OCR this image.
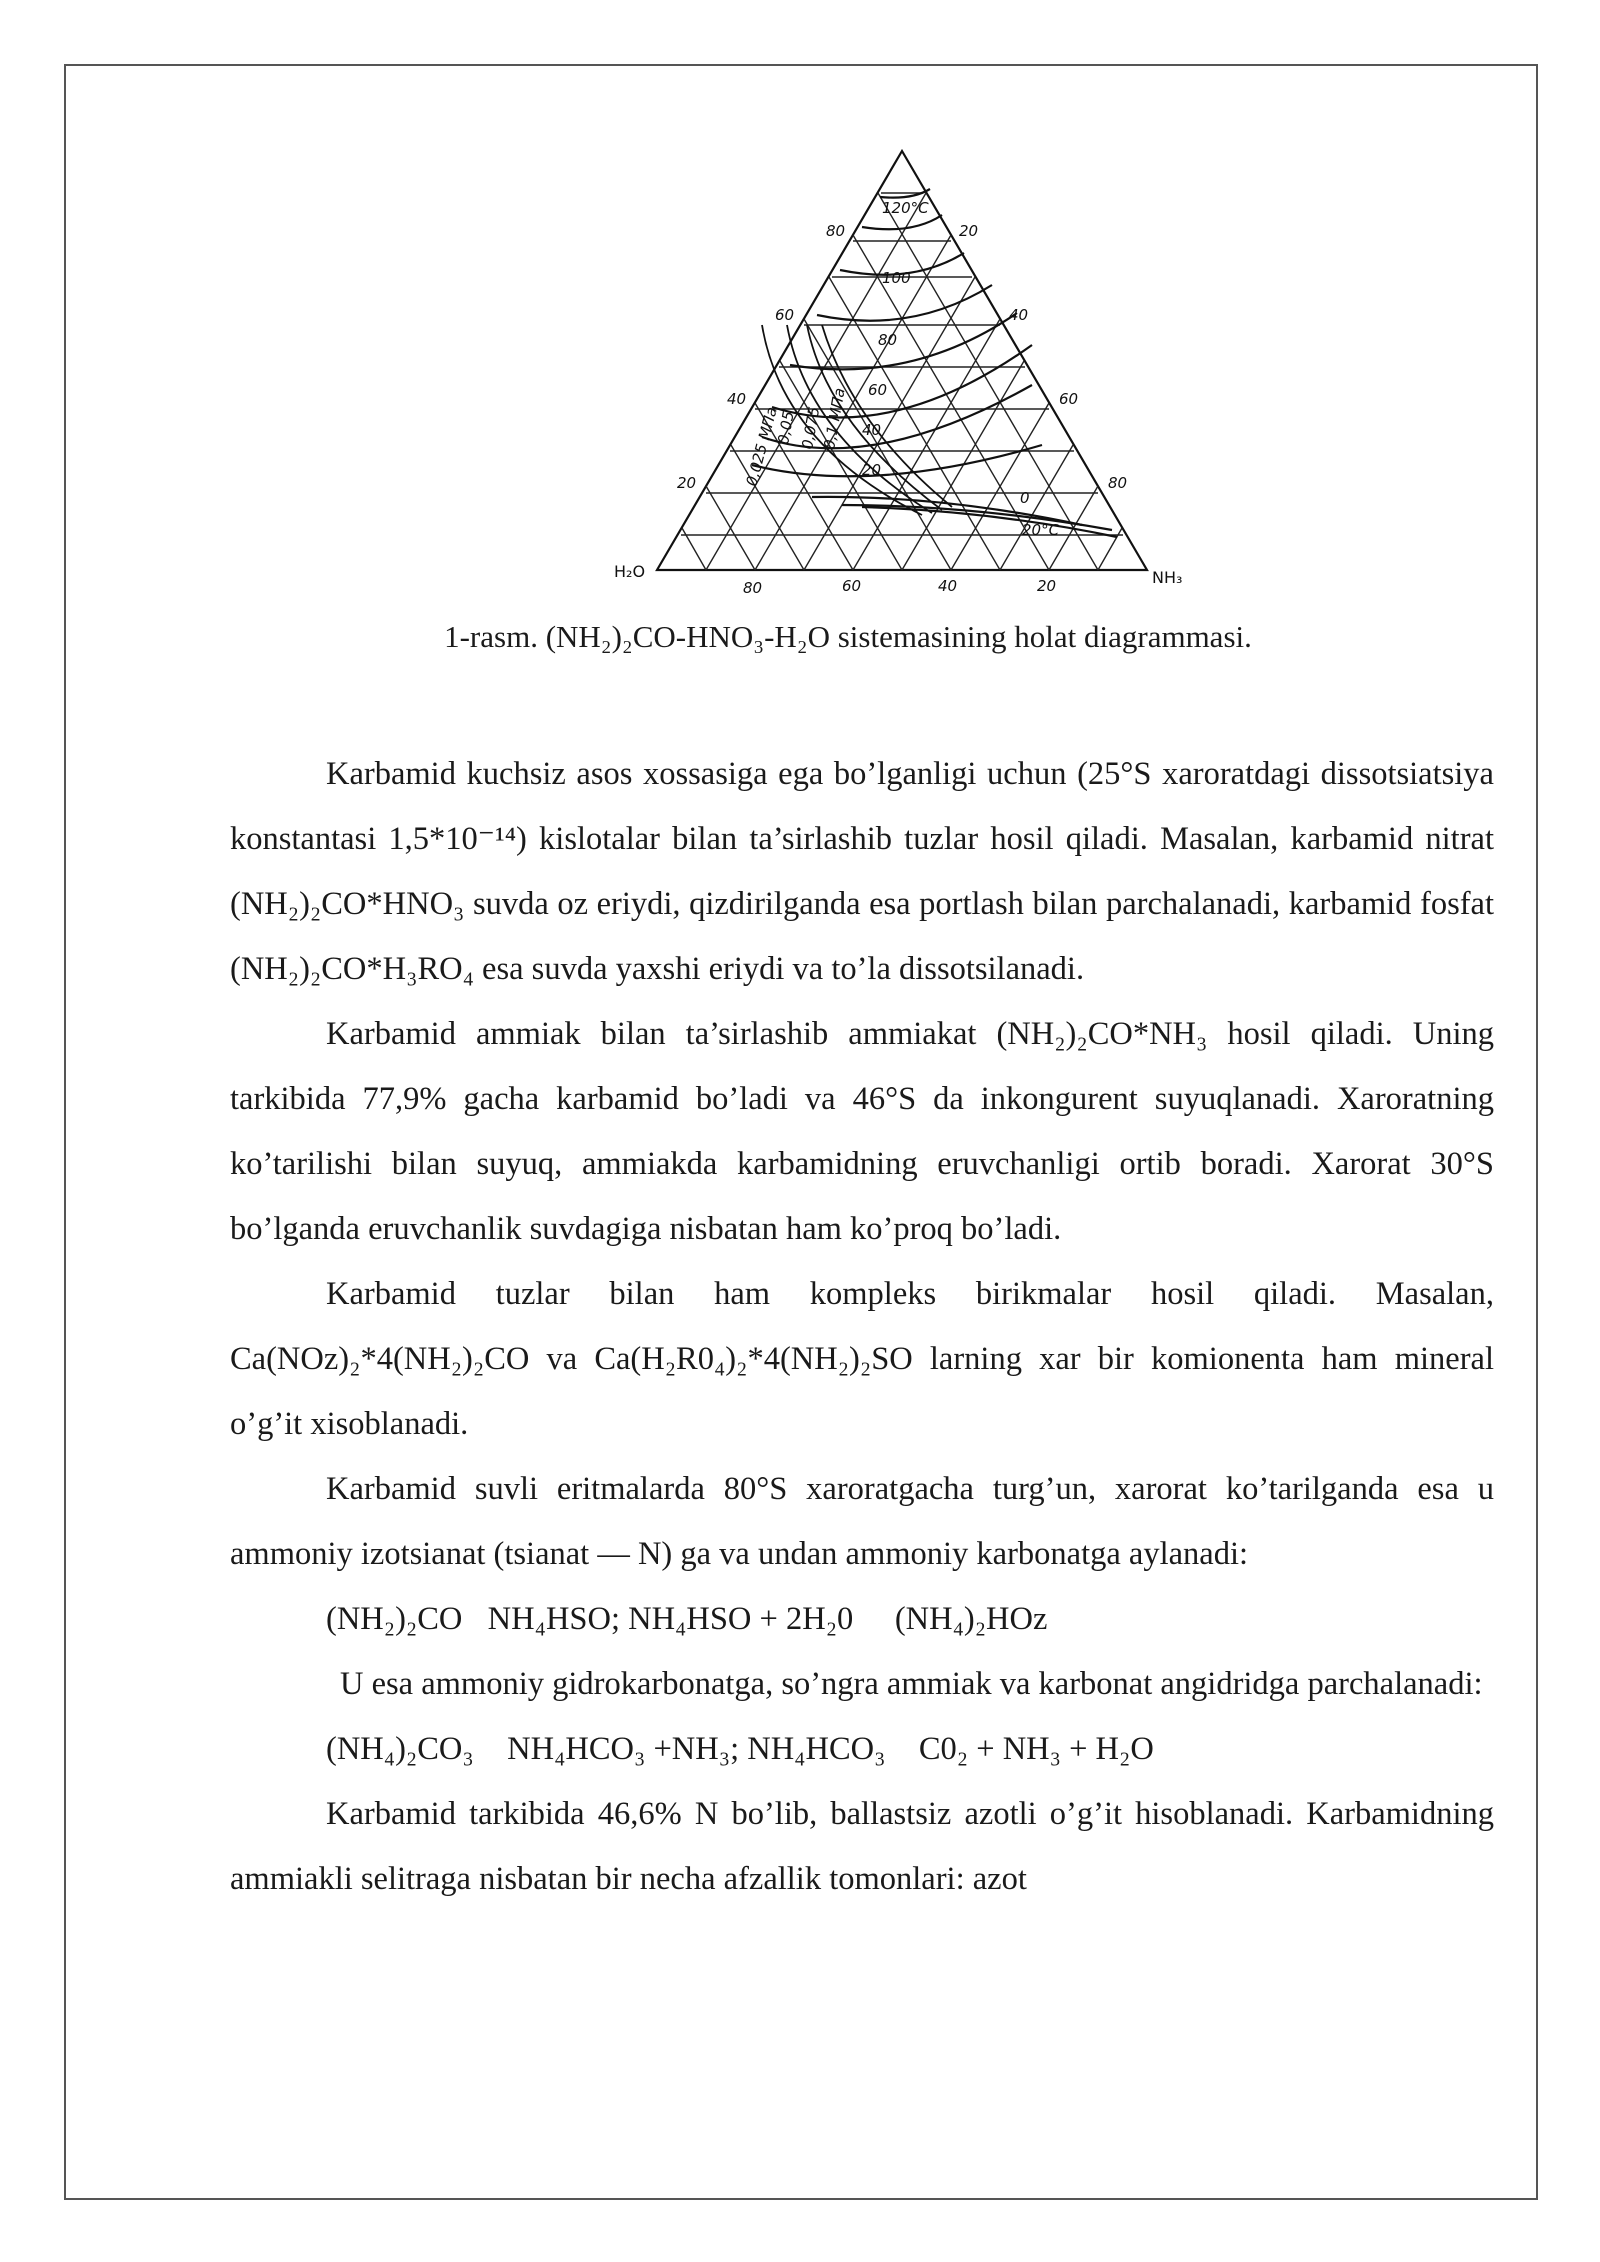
H₂O	NH₃
80
60
40
20
20
40
60
80
80	60	40	20
120°C
100
80
60
40
20
0
20°C
0,025 MПa
0,05 0,075
0,1 MПa
1-rasm. (NH₂)₂CO-HNO₃-H₂O sistemasining holat diagrammasi.

Karbamid kuchsiz asos xossasiga ega bo’lganligi uchun (25°S xaroratdagi dissotsiatsiya konstantasi 1,5*10⁻¹⁴) kislotalar bilan ta’sirlashib tuzlar hosil qiladi. Masalan, karbamid nitrat (NH₂)₂CO*HNO₃ suvda oz eriydi, qizdirilganda esa portlash bilan parchalanadi, karbamid fosfat (NH₂)₂CO*H₃RO₄ esa suvda yaxshi eriydi va to’la dissotsilanadi.

Karbamid ammiak bilan ta’sirlashib ammiakat (NH₂)₂CO*NH₃ hosil qiladi. Uning tarkibida 77,9% gacha karbamid bo’ladi va 46°S da inkongurent suyuqlanadi. Xaroratning ko’tarilishi bilan suyuq, ammiakda karbamidning eruvchanligi ortib boradi. Xarorat 30°S bo’lganda eruvchanlik suvdagiga nisbatan ham ko’proq bo’ladi.

Karbamid tuzlar bilan ham kompleks birikmalar hosil qiladi. Masalan, Ca(NOz)₂*4(NH₂)₂CO va Ca(H₂R0₄)₂*4(NH₂)₂SO larning xar bir komionenta ham mineral o’g’it xisoblanadi.

Karbamid suvli eritmalarda 80°S xaroratgacha turg’un, xarorat ko’tarilganda esa u ammoniy izotsianat (tsianat — N) ga va undan ammoniy karbonatga aylanadi:

(NH₂)₂CO􀃆NH₄HSO; NH₄HSO + 2H₂0 􀃆 (NH₄)₂HOz

U esa ammoniy gidrokarbonatga, so’ngra ammiak va karbonat angidridga parchalanadi:

(NH₄)₂CO₃ 􀃆NH₄HCO₃ +NH₃; NH₄HCO₃􀃆 C0₂ + NH₃ + H₂O

Karbamid tarkibida 46,6% N bo’lib, ballastsiz azotli o’g’it hisoblanadi. Karbamidning ammiakli selitraga nisbatan bir necha afzallik tomonlari: azot
